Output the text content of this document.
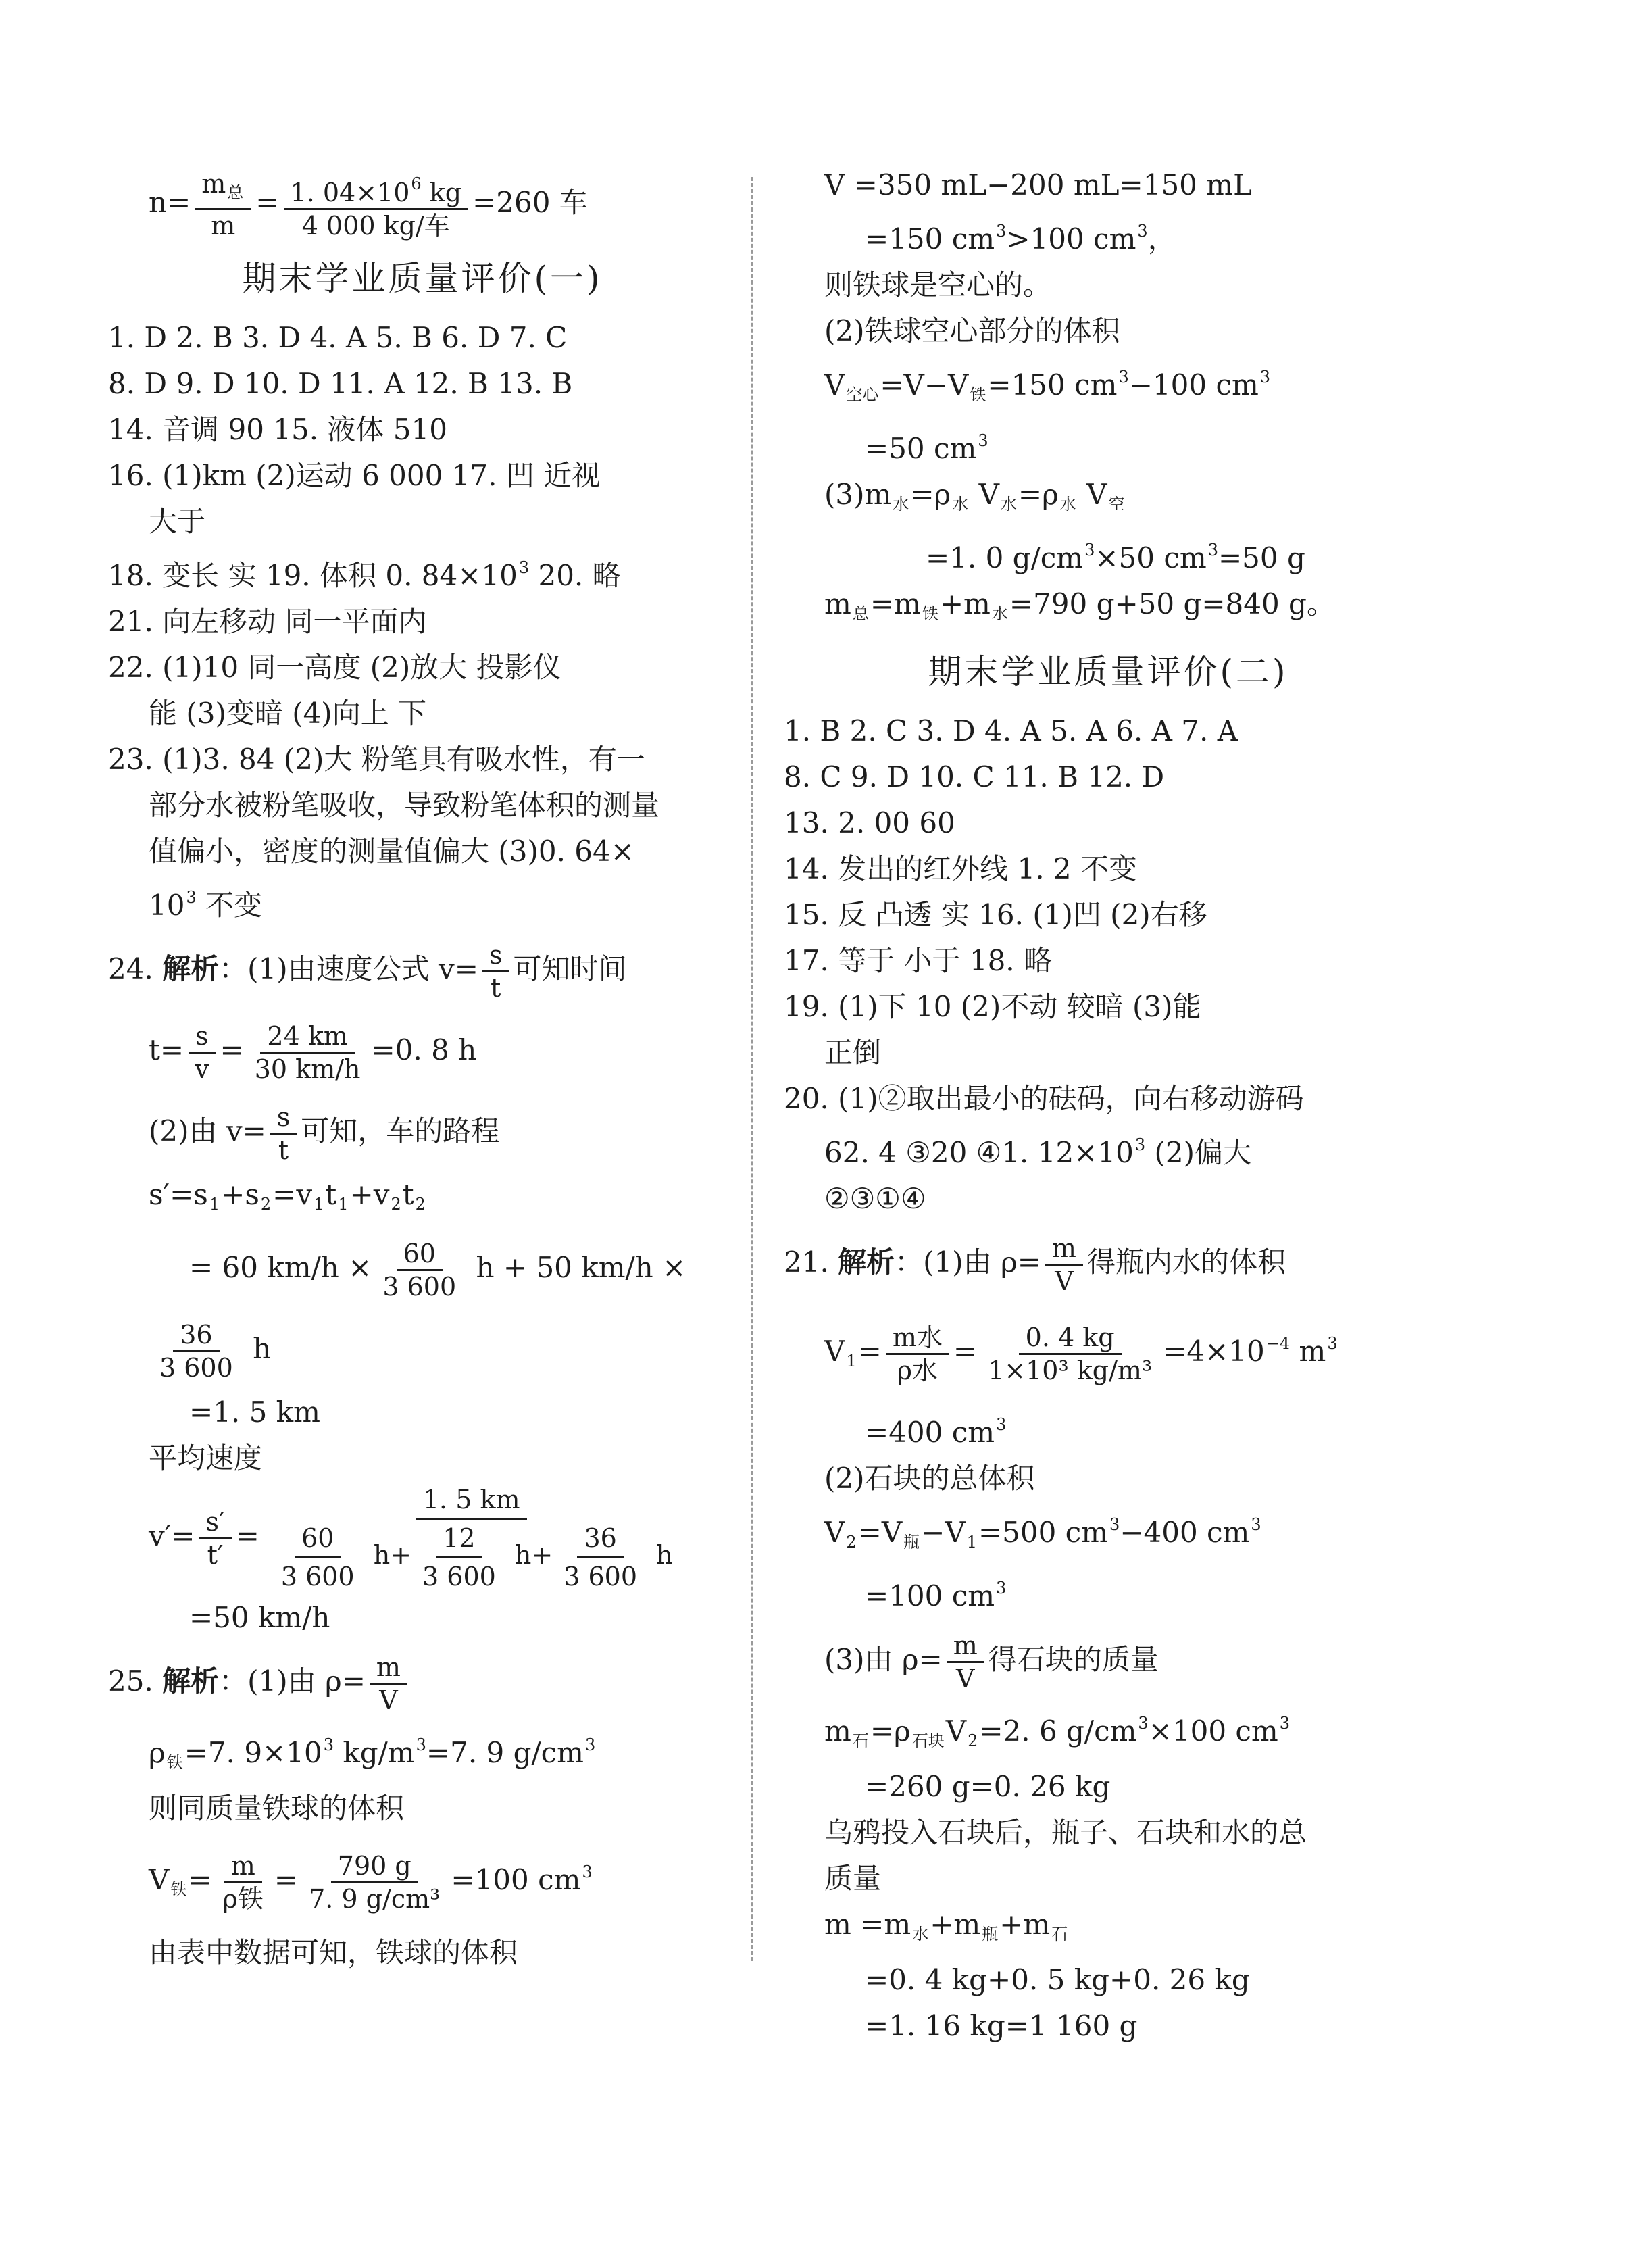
$n= \frac{m_总}{m} = \frac{1. 04\times 10^6 kg}{\text{4 000 kg/车}} =260$ 车
期末学业质量评价(一)
1. D 2. B 3. D 4. A 5. B 6. D 7. C
8. D 9. D 10. D 11. A 12. B 13. B
14. 音调 90 15. 液体 510
16. (1)km (2)运动 6 000 17. 凹 近视
大于
18. 变长 实 19. 体积 0. $84\times 10^3$ 20. 略
21. 向左移动 同一平面内
22. (1)10 同一高度 (2)放大 投影仪
能 (3)变暗 (4)向上 下
23. (1)3. 84 (2)大 粉笔具有吸水性，有一
部分水被粉笔吸收，导致粉笔体积的测量
值偏小，密度的测量值偏大 (3)0. 64×
$10^3$ 不变
24. 解析：(1)由速度公式 $v= \frac{s}{t}$ 可知时间
$t= \frac{s}{v} = \frac{24 km}{30 km/h} =0$. 8 h
(2)由 $v= \frac{s}{t}$ 可知，车的路程
$s'=s_1+s_2=v_1t_1+v_2t_2$
= 60 $km/h \times \frac{60}{3 600}$ h + 50 km/h ×
$\frac{36}{3 600}$ h
=1. 5 km
平均速度
$v'= \frac{s'}{t'} = \frac{1. 5 km}{\frac{60}{3 600} h+ \frac{12}{3 600} h+ \frac{36}{3 600} h}$
=50 km/h
25. 解析：(1)由 $\rho= \frac{m}{V}$
$\rho_铁=7$. $9\times 10^3$ $kg/m^3=7$. 9 $g/cm^3$
则同质量铁球的体积
$V_铁= \frac{m}{\text{ρ铁}} = \frac{790 g}{\text{7. 9 g/cm³}} =100$ $cm^3$
由表中数据可知，铁球的体积
V =350 mL−200 mL=150 mL
=150 $cm^3>100$ $cm^3$，
则铁球是空心的。
(2)铁球空心部分的体积
$V_{空心}=V-V_铁=150$ $cm^3-100$ $cm^3$
=50 $cm^3$
$(3)m_水=\rho_水$ $V_水=\rho_水$ $V_空$
=1. 0 $g/cm^3\times 50$ $cm^3=50$ g
$m_总=m_铁+m_水=790$ g+50 g=840 g。
期末学业质量评价(二)
1. B 2. C 3. D 4. A 5. A 6. A 7. A
8. C 9. D 10. C 11. B 12. D
13. 2. 00 60
14. 发出的红外线 1. 2 不变
15. 反 凸透 实 16. (1)凹 (2)右移
17. 等于 小于 18. 略
19. (1)下 10 (2)不动 较暗 (3)能
正倒
20. (1)②取出最小的砝码，向右移动游码
62. 4 ③20 ④1. $12\times 10^3$ (2)偏大
②③①④
21. 解析：(1)由 $\rho= \frac{m}{V}$ 得瓶内水的体积
$V_1= \frac{\text{m水}}{\text{ρ水}} = \frac{0. 4 kg}{\text{1×10³ kg/m³}} =4\times 10^{-4}$ $m^3$
=400 $cm^3$
(2)石块的总体积
$V_2=V_瓶-V_1=500$ $cm^3-400$ $cm^3$
=100 $cm^3$
(3)由 $\rho= \frac{m}{V}$ 得石块的质量
$m_石=\rho_{石块}V_2=2$. 6 $g/cm^3\times 100$ $cm^3$
=260 g=0. 26 kg
乌鸦投入石块后，瓶子、石块和水的总
质量
$m =m_水+m_瓶+m_石$
=0. 4 kg+0. 5 kg+0. 26 kg
=1. 16 kg=1 160 g
